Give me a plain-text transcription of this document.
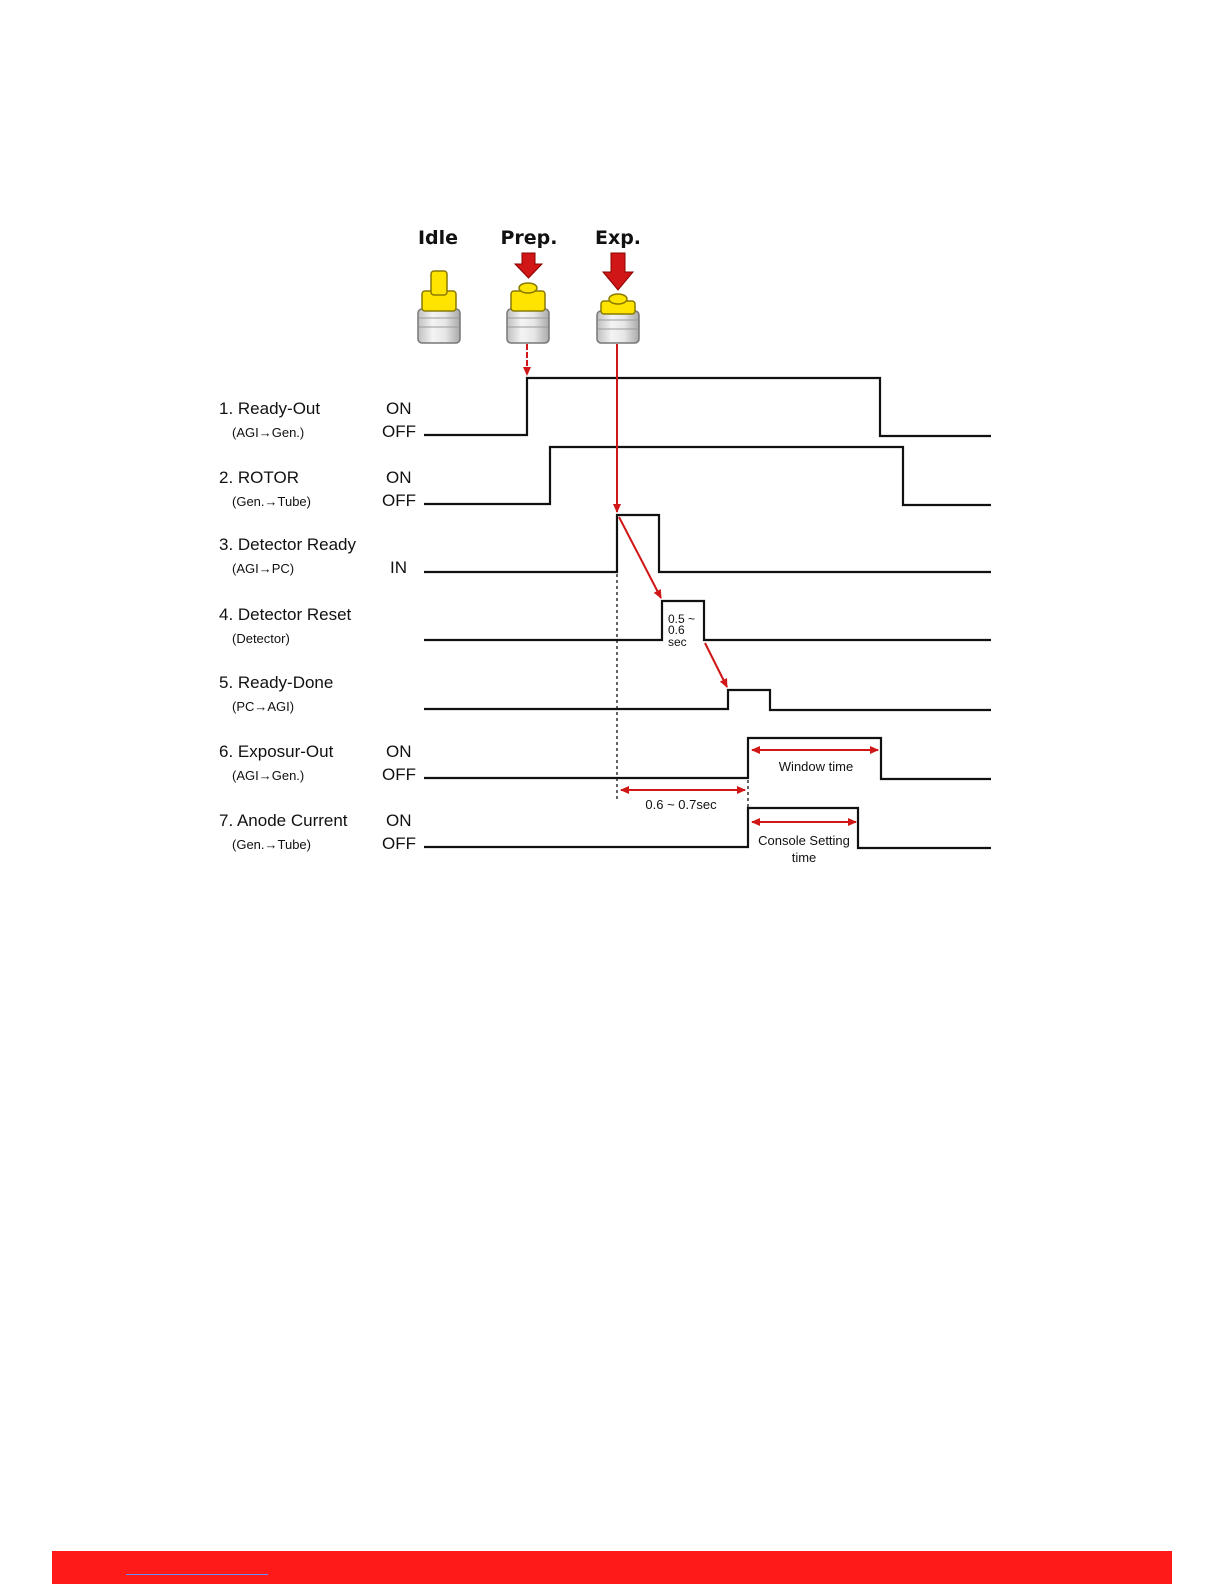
Idle Prep. Exp.
1. Ready-Out
(AGI→Gen.)
ON
OFF
2. ROTOR
(Gen.→Tube)
ON
OFF
3. Detector Ready
(AGI→PC)	IN
4. Detector Reset
(Detector)
5. Ready-Done
(PC→AGI)
6. Exposur-Out
(AGI→Gen.)
ON
OFF
7. Anode Current
(Gen.→Tube)
ON
OFF
0.5 ~
0.6
sec
Window time
0.6 ~ 0.7sec
Console Setting
time
